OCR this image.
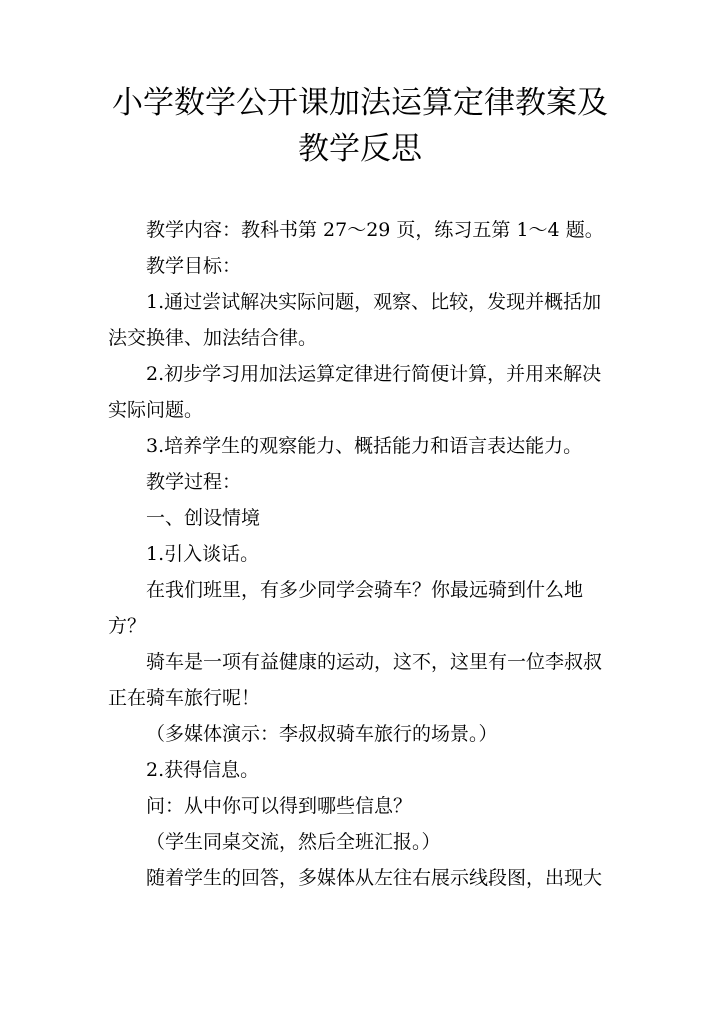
小学数学公开课加法运算定律教案及教学反思

教学内容：教科书第 27～29 页，练习五第 1～4 题。

教学目标：

1.通过尝试解决实际问题，观察、比较，发现并概括加法交换律、加法结合律。

2.初步学习用加法运算定律进行简便计算，并用来解决实际问题。

3.培养学生的观察能力、概括能力和语言表达能力。

教学过程：

一、创设情境

1.引入谈话。

在我们班里，有多少同学会骑车？你最远骑到什么地方？

骑车是一项有益健康的运动，这不，这里有一位李叔叔正在骑车旅行呢！

（多媒体演示：李叔叔骑车旅行的场景。）

2.获得信息。

问：从中你可以得到哪些信息？

（学生同桌交流，然后全班汇报。）

随着学生的回答，多媒体从左往右展示线段图，出现大
